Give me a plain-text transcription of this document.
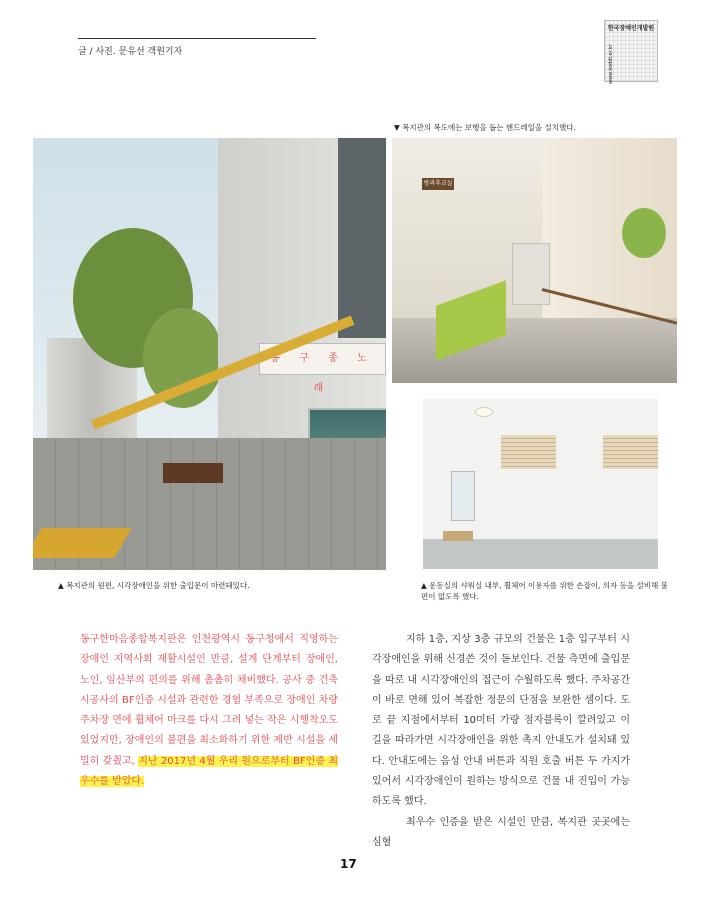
글 / 사진. 문유선 객원기자
한국장애인개발원
www.koddi.or.kr
▼ 복지관의 복도에는 보행을 돕는 핸드레일을 설치했다.
동 구 종 노 래
방과후교실
▲ 복지관의 원편, 시각장애인을 위한 출입문이 마련돼있다.	▲ 운동실의 샤워실 내부, 휠체어 이용자를 위한 손잡이, 의자 등을 설비해 불편이 없도록 했다.

동구한마음종합복지관은 인천광역시 동구청에서 직영하는 장애인 지역사회 재활시설인 만큼, 설계 단계부터 장애인, 노인, 임산부의 편의를 위해 촘촘히 채비했다. 공사 중 건축 시공사의 BF인증 시설과 관련한 경험 부족으로 장애인 차량 주차장 면에 휠체어 마크를 다시 그려 넣는 작은 시행착오도 있었지만, 장애인의 불편을 최소화하기 위한 제반 시설을 세밀히 갖췄고, 지난 2017년 4월 우리 원으로부터 BF인증 최우수를 받았다.

지하 1층, 지상 3층 규모의 건물은 1층 입구부터 시각장애인을 위해 신경쓴 것이 돋보인다. 건물 측면에 출입문을 따로 내 시각장애인의 접근이 수월하도록 했다. 주차공간이 바로 면해 있어 복잡한 정문의 단점을 보완한 셈이다. 도로 끝 지점에서부터 10미터 가량 점자블록이 깔려있고 이 길을 따라가면 시각장애인을 위한 촉지 안내도가 설치돼 있다. 안내도에는 음성 안내 버튼과 직원 호출 버튼 두 가지가 있어서 시각장애인이 원하는 방식으로 건물 내 진입이 가능하도록 했다.

최우수 인증을 받은 시설인 만큼, 복지관 곳곳에는 심혈

17
